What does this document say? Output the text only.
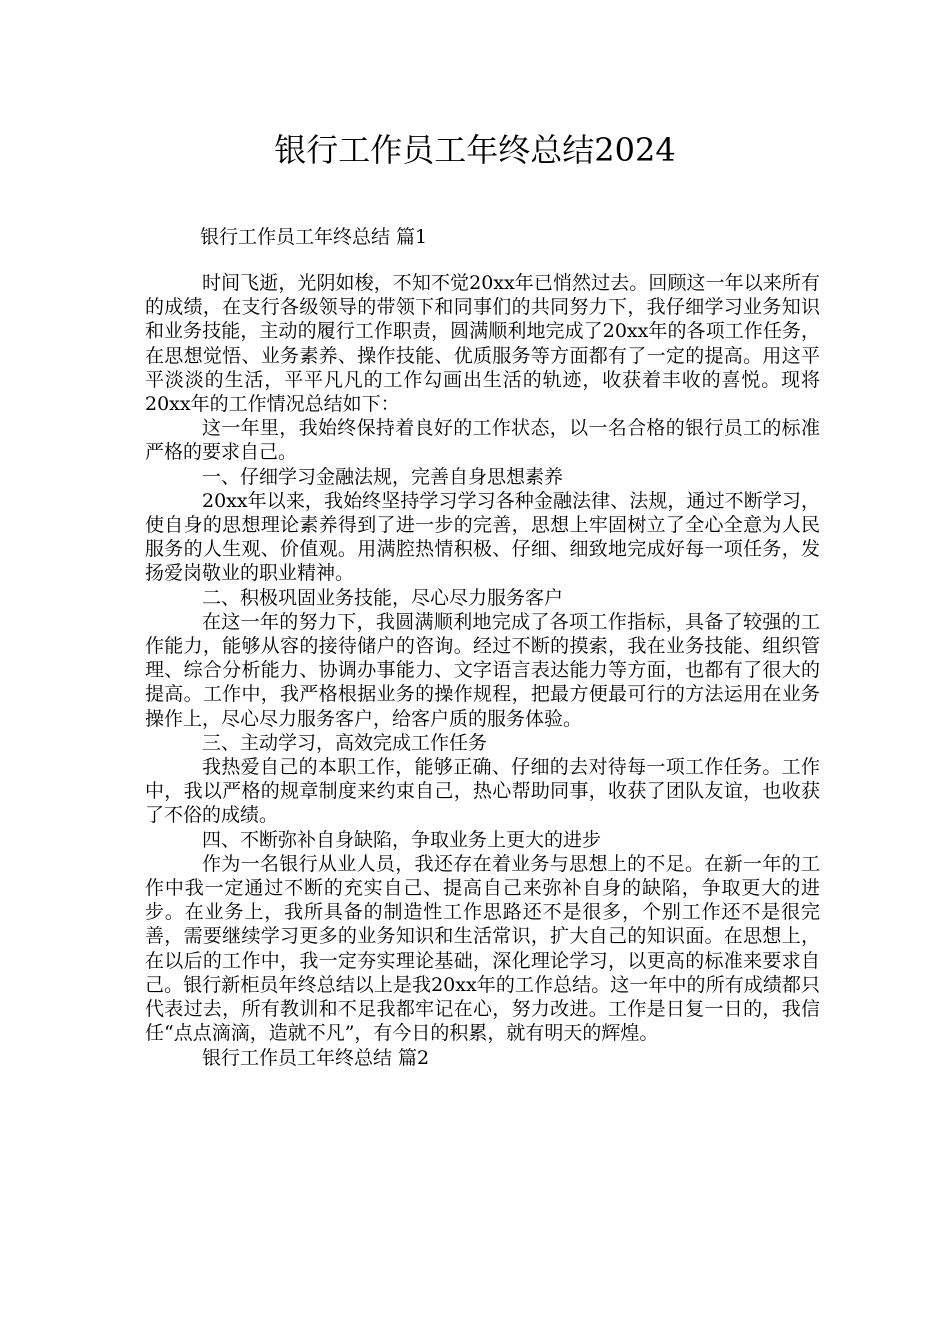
银行工作员工年终总结2024

银行工作员工年终总结 篇1

时间飞逝，光阴如梭，不知不觉20xx年已悄然过去。回顾这一年以来所有的成绩，在支行各级领导的带领下和同事们的共同努力下，我仔细学习业务知识和业务技能，主动的履行工作职责，圆满顺利地完成了20xx年的各项工作任务，在思想觉悟、业务素养、操作技能、优质服务等方面都有了一定的提高。用这平平淡淡的生活，平平凡凡的工作勾画出生活的轨迹，收获着丰收的喜悦。现将20xx年的工作情况总结如下：

这一年里，我始终保持着良好的工作状态，以一名合格的银行员工的标准严格的要求自己。

一、仔细学习金融法规，完善自身思想素养

20xx年以来，我始终坚持学习学习各种金融法律、法规，通过不断学习，使自身的思想理论素养得到了进一步的完善，思想上牢固树立了全心全意为人民服务的人生观、价值观。用满腔热情积极、仔细、细致地完成好每一项任务，发扬爱岗敬业的职业精神。

二、积极巩固业务技能，尽心尽力服务客户

在这一年的努力下，我圆满顺利地完成了各项工作指标，具备了较强的工作能力，能够从容的接待储户的咨询。经过不断的摸索，我在业务技能、组织管理、综合分析能力、协调办事能力、文字语言表达能力等方面，也都有了很大的提高。工作中，我严格根据业务的操作规程，把最方便最可行的方法运用在业务操作上，尽心尽力服务客户，给客户质的服务体验。

三、主动学习，高效完成工作任务

我热爱自己的本职工作，能够正确、仔细的去对待每一项工作任务。工作中，我以严格的规章制度来约束自己，热心帮助同事，收获了团队友谊，也收获了不俗的成绩。

四、不断弥补自身缺陷，争取业务上更大的进步

作为一名银行从业人员，我还存在着业务与思想上的不足。在新一年的工作中我一定通过不断的充实自己、提高自己来弥补自身的缺陷，争取更大的进步。在业务上，我所具备的制造性工作思路还不是很多，个别工作还不是很完善，需要继续学习更多的业务知识和生活常识，扩大自己的知识面。在思想上，在以后的工作中，我一定夯实理论基础，深化理论学习，以更高的标准来要求自己。银行新柜员年终总结以上是我20xx年的工作总结。这一年中的所有成绩都只代表过去，所有教训和不足我都牢记在心，努力改进。工作是日复一日的，我信任“点点滴滴，造就不凡”，有今日的积累，就有明天的辉煌。

银行工作员工年终总结 篇2
